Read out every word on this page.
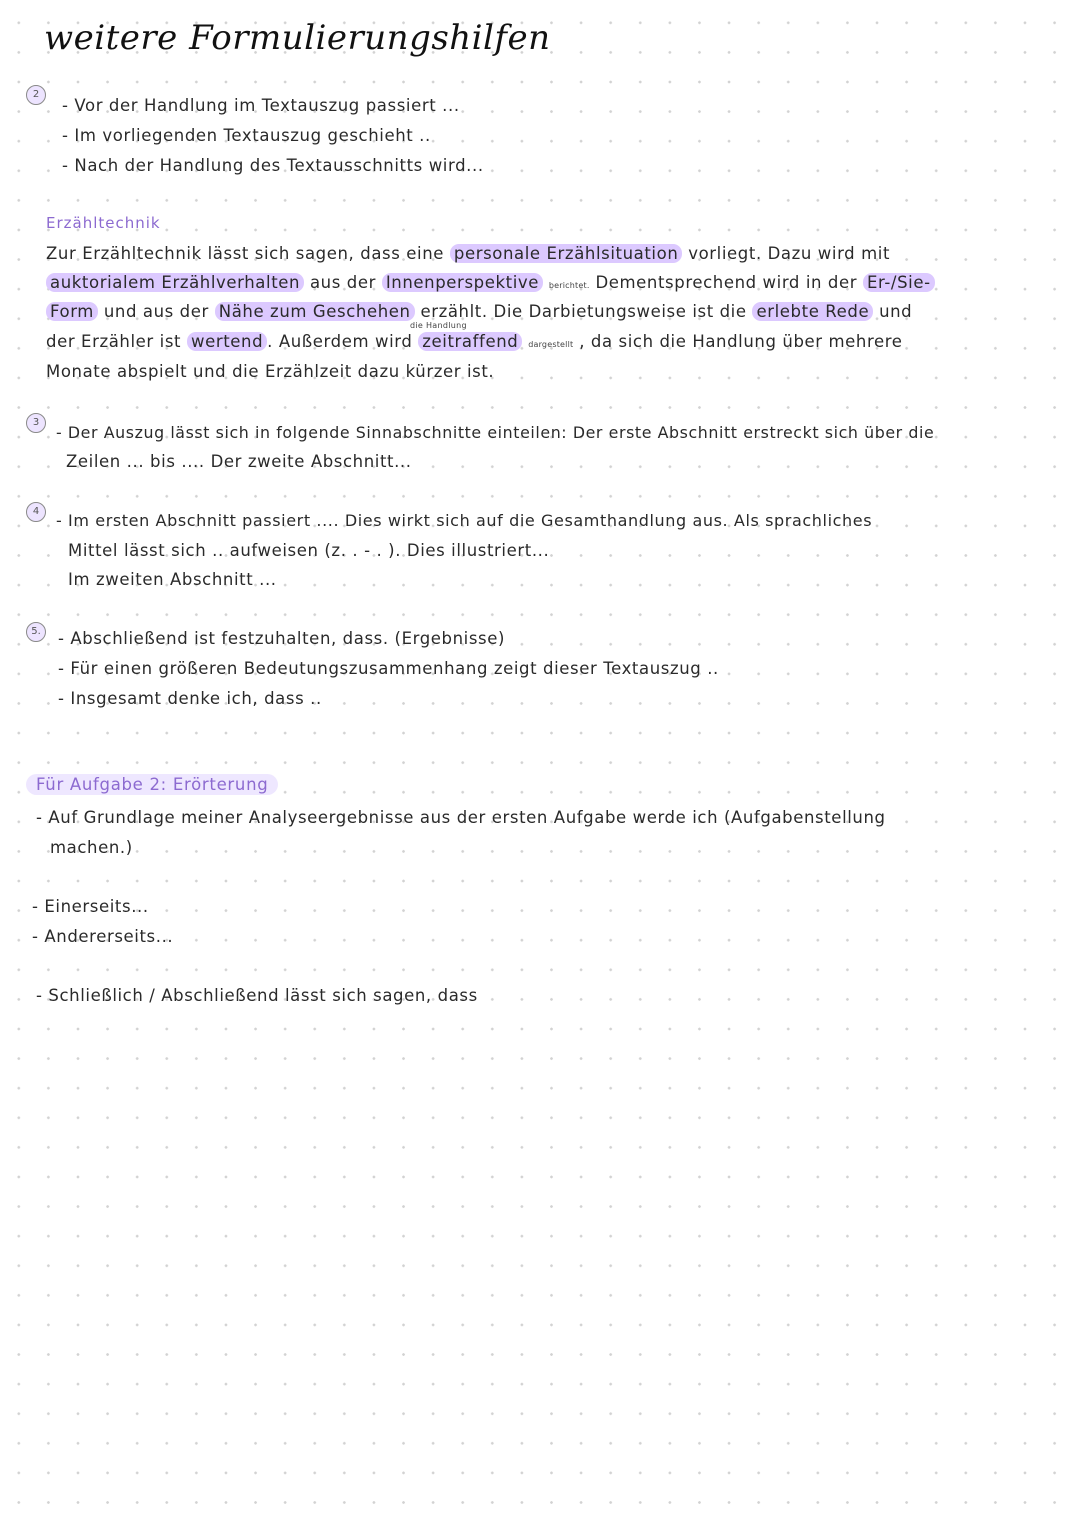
weitere Formulierungshilfen
2
- Vor der Handlung im Textauszug passiert ...
- Im vorliegenden Textauszug geschieht ..
- Nach der Handlung des Textausschnitts wird...
Erzähltechnik
Zur Erzähltechnik lässt sich sagen, dass eine personale Erzählsituation vorliegt. Dazu wird mit
auktorialem Erzählverhalten aus der Innenperspektive berichtet. Dementsprechend wird in der Er-/Sie-
Form und aus der Nähe zum Geschehen erzählt. Die Darbietungsweise ist die erlebte Rede und
die Handlung
der Erzähler ist wertend . Außerdem wird zeitraffend dargestellt , da sich die Handlung über mehrere
Monate abspielt und die Erzählzeit dazu kürzer ist.
3
- Der Auszug lässt sich in folgende Sinnabschnitte einteilen: Der erste Abschnitt erstreckt sich über die
Zeilen ... bis .... Der zweite Abschnitt...
4	- Im ersten Abschnitt passiert .... Dies wirkt sich auf die Gesamthandlung aus. Als sprachliches
Mittel lässt sich .. aufweisen (z. . - . ). Dies illustriert...
Im zweiten Abschnitt ...
5.	- Abschließend ist festzuhalten, dass. (Ergebnisse)
- Für einen größeren Bedeutungszusammenhang zeigt dieser Textauszug ..
- Insgesamt denke ich, dass ..
Für Aufgabe 2: Erörterung
- Auf Grundlage meiner Analyseergebnisse aus der ersten Aufgabe werde ich (Aufgabenstellung
machen.)
- Einerseits...
- Andererseits...
- Schließlich / Abschließend lässt sich sagen, dass
